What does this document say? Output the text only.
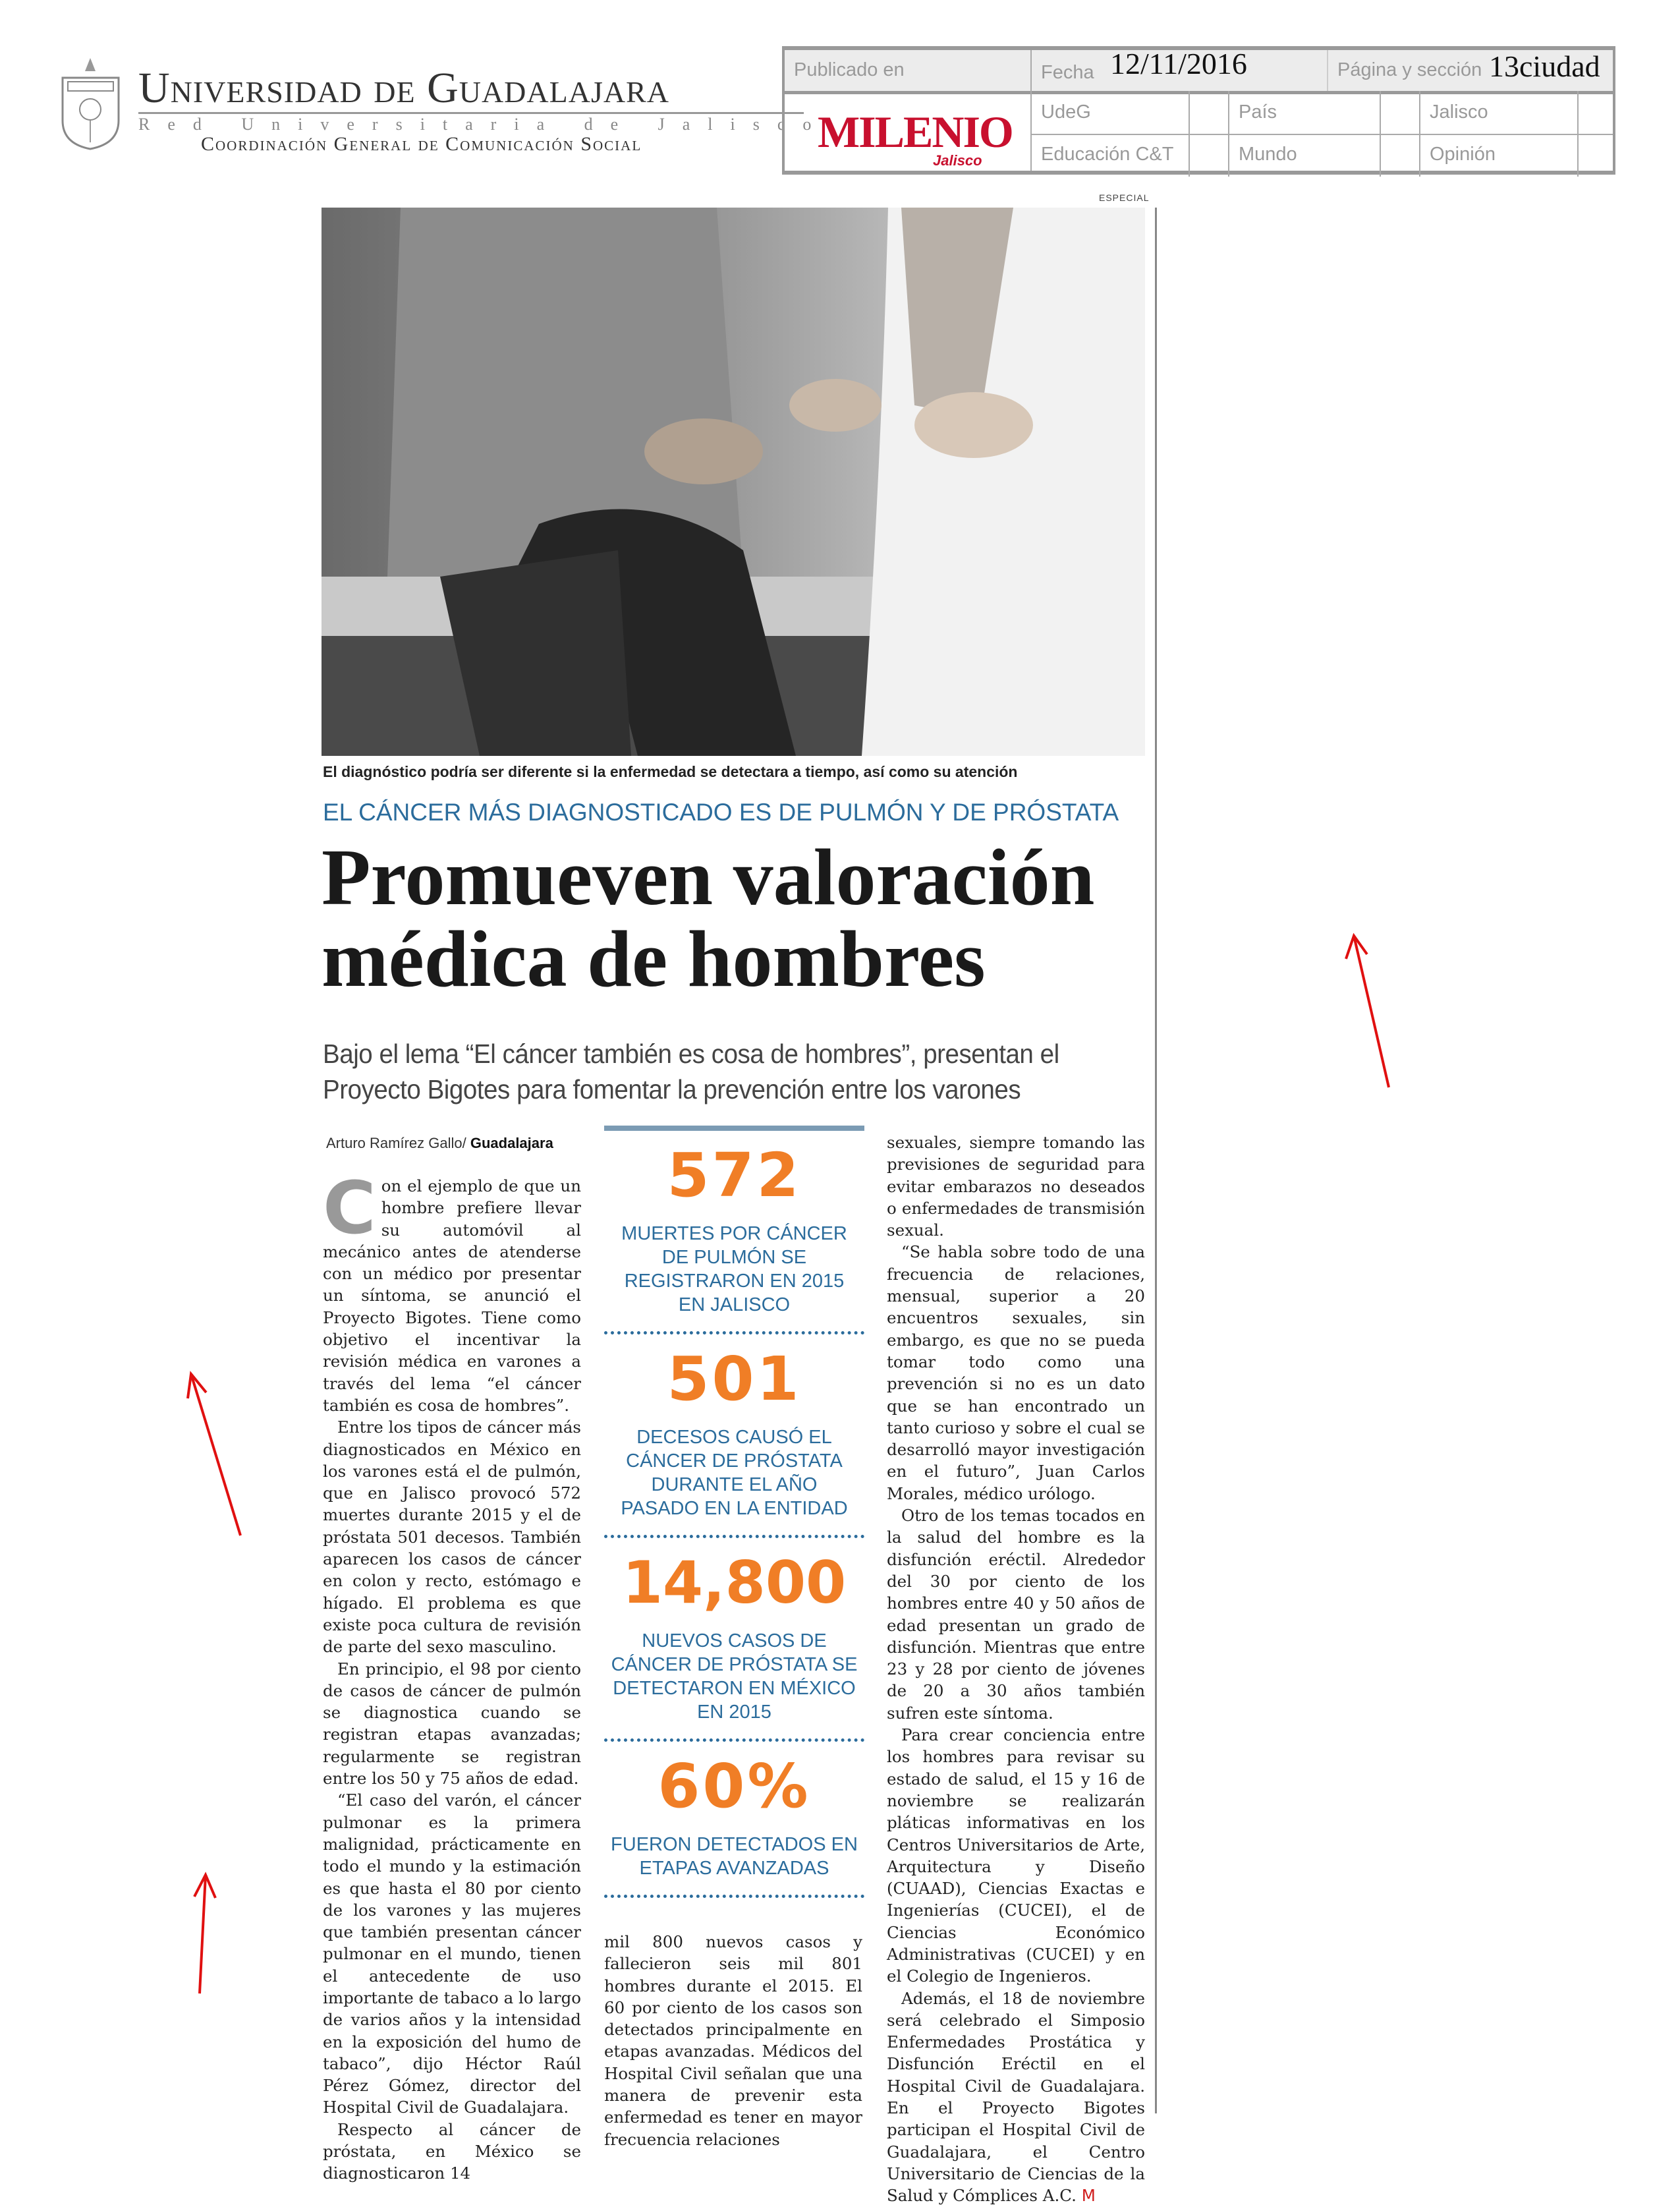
Universidad de Guadalajara
Red Universitaria de Jalisco
Coordinación General de Comunicación Social
Publicado en	Fecha 12/11/2016	Página y sección 13ciudad
MILENIO
Jalisco
UdeG	País	Jalisco
Educación C&T	Mundo	Opinión
ESPECIAL
El diagnóstico podría ser diferente si la enfermedad se detectara a tiempo, así como su atención
EL CÁNCER MÁS DIAGNOSTICADO ES DE PULMÓN Y DE PRÓSTATA
Promueven valoración médica de hombres
Bajo el lema “El cáncer también es cosa de hombres”, presentan el Proyecto Bigotes para fomentar la prevención entre los varones
Arturo Ramírez Gallo/ Guadalajara

Con el ejemplo de que un hombre prefiere llevar su automóvil al mecánico antes de atenderse con un médico por presentar un síntoma, se anunció el Proyecto Bigotes. Tiene como objetivo el incentivar la revisión médica en varones a través del lema “el cáncer también es cosa de hombres”.

Entre los tipos de cáncer más diagnosticados en México en los varones está el de pulmón, que en Jalisco provocó 572 muertes durante 2015 y el de próstata 501 decesos. También aparecen los casos de cáncer en colon y recto, estómago e hígado. El problema es que existe poca cultura de revisión de parte del sexo masculino.

En principio, el 98 por ciento de casos de cáncer de pulmón se diagnostica cuando se registran etapas avanzadas; regularmente se registran entre los 50 y 75 años de edad.

“El caso del varón, el cáncer pulmonar es la primera malignidad, prácticamente en todo el mundo y la estimación es que hasta el 80 por ciento de los varones y las mujeres que también presentan cáncer pulmonar en el mundo, tienen el antecedente de uso importante de tabaco a lo largo de varios años y la intensidad en la exposición del humo de tabaco”, dijo Héctor Raúl Pérez Gómez, director del Hospital Civil de Guadalajara.

Respecto al cáncer de próstata, en México se diagnosticaron 14

572
MUERTES POR CÁNCER DE PULMÓN SE REGISTRARON EN 2015 EN JALISCO
501
DECESOS CAUSÓ EL CÁNCER DE PRÓSTATA DURANTE EL AÑO PASADO EN LA ENTIDAD
14,800
NUEVOS CASOS DE CÁNCER DE PRÓSTATA SE DETECTARON EN MÉXICO EN 2015
60%
FUERON DETECTADOS EN ETAPAS AVANZADAS

mil 800 nuevos casos y fallecieron seis mil 801 hombres durante el 2015. El 60 por ciento de los casos son detectados principalmente en etapas avanzadas. Médicos del Hospital Civil señalan que una manera de prevenir esta enfermedad es tener en mayor frecuencia relaciones

sexuales, siempre tomando las previsiones de seguridad para evitar embarazos no deseados o enfermedades de transmisión sexual.

“Se habla sobre todo de una frecuencia de relaciones, mensual, superior a 20 encuentros sexuales, sin embargo, es que no se pueda tomar todo como una prevención si no es un dato que se han encontrado un tanto curioso y sobre el cual se desarrolló mayor investigación en el futuro”, Juan Carlos Morales, médico urólogo.

Otro de los temas tocados en la salud del hombre es la disfunción eréctil. Alrededor del 30 por ciento de los hombres entre 40 y 50 años de edad presentan un grado de disfunción. Mientras que entre 23 y 28 por ciento de jóvenes de 20 a 30 años también sufren este síntoma.

Para crear conciencia entre los hombres para revisar su estado de salud, el 15 y 16 de noviembre se realizarán pláticas informativas en los Centros Universitarios de Arte, Arquitectura y Diseño (CUAAD), Ciencias Exactas e Ingenierías (CUCEI), el de Ciencias Económico Administrativas (CUCEI) y en el Colegio de Ingenieros.

Además, el 18 de noviembre será celebrado el Simposio Enfermedades Prostática y Disfunción Eréctil en el Hospital Civil de Guadalajara. En el Proyecto Bigotes participan el Hospital Civil de Guadalajara, el Centro Universitario de Ciencias de la Salud y Cómplices A.C. M
